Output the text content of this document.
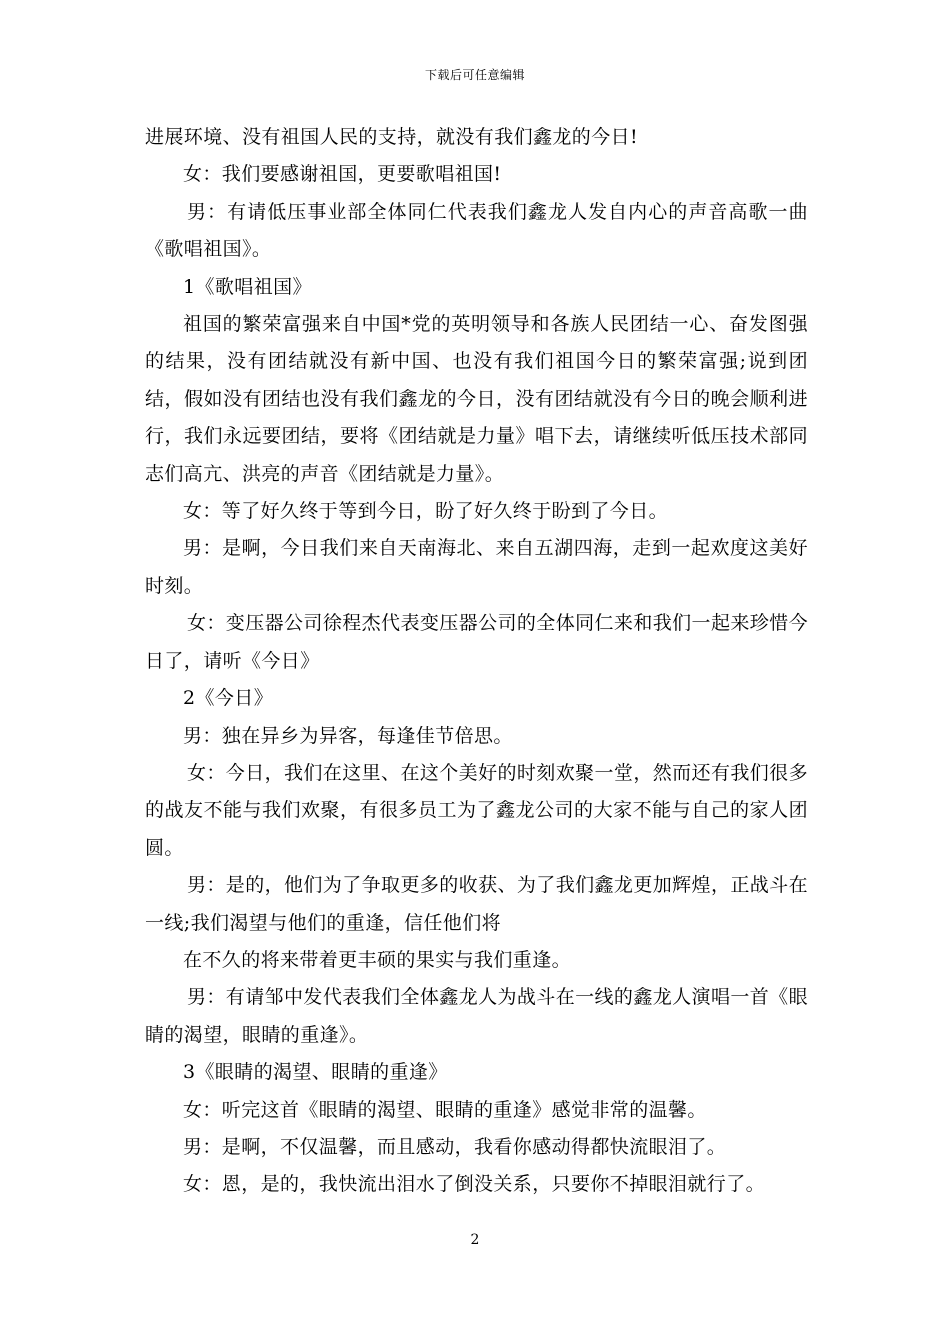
下载后可任意编辑

进展环境、没有祖国人民的支持，就没有我们鑫龙的今日!

女：我们要感谢祖国，更要歌唱祖国!

男：有请低压事业部全体同仁代表我们鑫龙人发自内心的声音高歌一曲《歌唱祖国》。

1《歌唱祖国》

祖国的繁荣富强来自中国*党的英明领导和各族人民团结一心、奋发图强的结果，没有团结就没有新中国、也没有我们祖国今日的繁荣富强;说到团结，假如没有团结也没有我们鑫龙的今日，没有团结就没有今日的晚会顺利进行，我们永远要团结，要将《团结就是力量》唱下去，请继续听低压技术部同志们高亢、洪亮的声音《团结就是力量》。

女：等了好久终于等到今日，盼了好久终于盼到了今日。

男：是啊，今日我们来自天南海北、来自五湖四海，走到一起欢度这美好时刻。

女：变压器公司徐程杰代表变压器公司的全体同仁来和我们一起来珍惜今日了，请听《今日》

2《今日》

男：独在异乡为异客，每逢佳节倍思。

女：今日，我们在这里、在这个美好的时刻欢聚一堂，然而还有我们很多的战友不能与我们欢聚，有很多员工为了鑫龙公司的大家不能与自己的家人团圆。

男：是的，他们为了争取更多的收获、为了我们鑫龙更加辉煌，正战斗在一线;我们渴望与他们的重逢，信任他们将

在不久的将来带着更丰硕的果实与我们重逢。

男：有请邹中发代表我们全体鑫龙人为战斗在一线的鑫龙人演唱一首《眼睛的渴望，眼睛的重逢》。

3《眼睛的渴望、眼睛的重逢》

女：听完这首《眼睛的渴望、眼睛的重逢》感觉非常的温馨。

男：是啊，不仅温馨，而且感动，我看你感动得都快流眼泪了。

女：恩，是的，我快流出泪水了倒没关系，只要你不掉眼泪就行了。

2
